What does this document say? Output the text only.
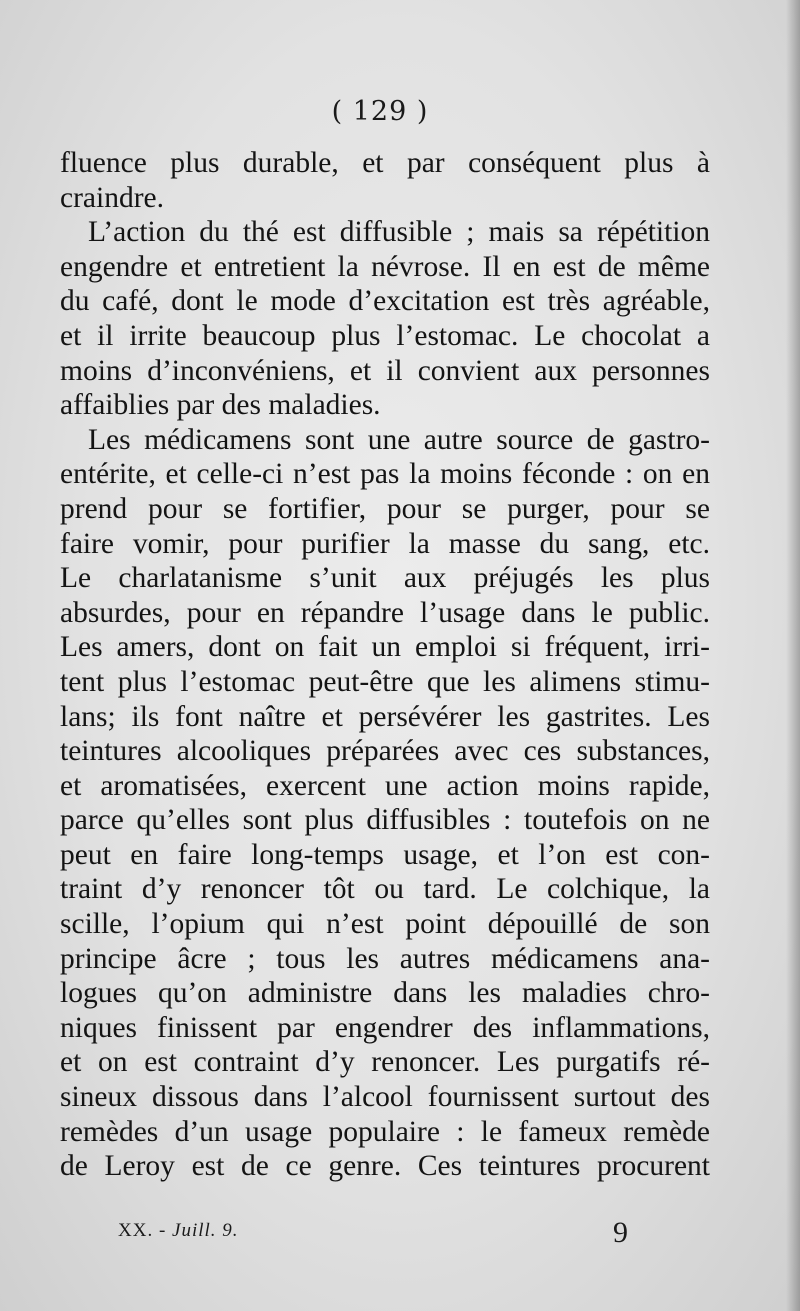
( 129 )
fluence plus durable, et par conséquent plus à
craindre.
L’action du thé est diffusible ; mais sa répétition
engendre et entretient la névrose. Il en est de même
du café, dont le mode d’excitation est très agréable,
et il irrite beaucoup plus l’estomac. Le chocolat a
moins d’inconvéniens, et il convient aux personnes
affaiblies par des maladies.
Les médicamens sont une autre source de gastro-
entérite, et celle-ci n’est pas la moins féconde : on en
prend pour se fortifier, pour se purger, pour se
faire vomir, pour purifier la masse du sang, etc.
Le charlatanisme s’unit aux préjugés les plus
absurdes, pour en répandre l’usage dans le public.
Les amers, dont on fait un emploi si fréquent, irri-
tent plus l’estomac peut-être que les alimens stimu-
lans; ils font naître et persévérer les gastrites. Les
teintures alcooliques préparées avec ces substances,
et aromatisées, exercent une action moins rapide,
parce qu’elles sont plus diffusibles : toutefois on ne
peut en faire long-temps usage, et l’on est con-
traint d’y renoncer tôt ou tard. Le colchique, la
scille, l’opium qui n’est point dépouillé de son
principe âcre ; tous les autres médicamens ana-
logues qu’on administre dans les maladies chro-
niques finissent par engendrer des inflammations,
et on est contraint d’y renoncer. Les purgatifs ré-
sineux dissous dans l’alcool fournissent surtout des
remèdes d’un usage populaire : le fameux remède
de Leroy est de ce genre. Ces teintures procurent
XX. - Juill. 9.	9
